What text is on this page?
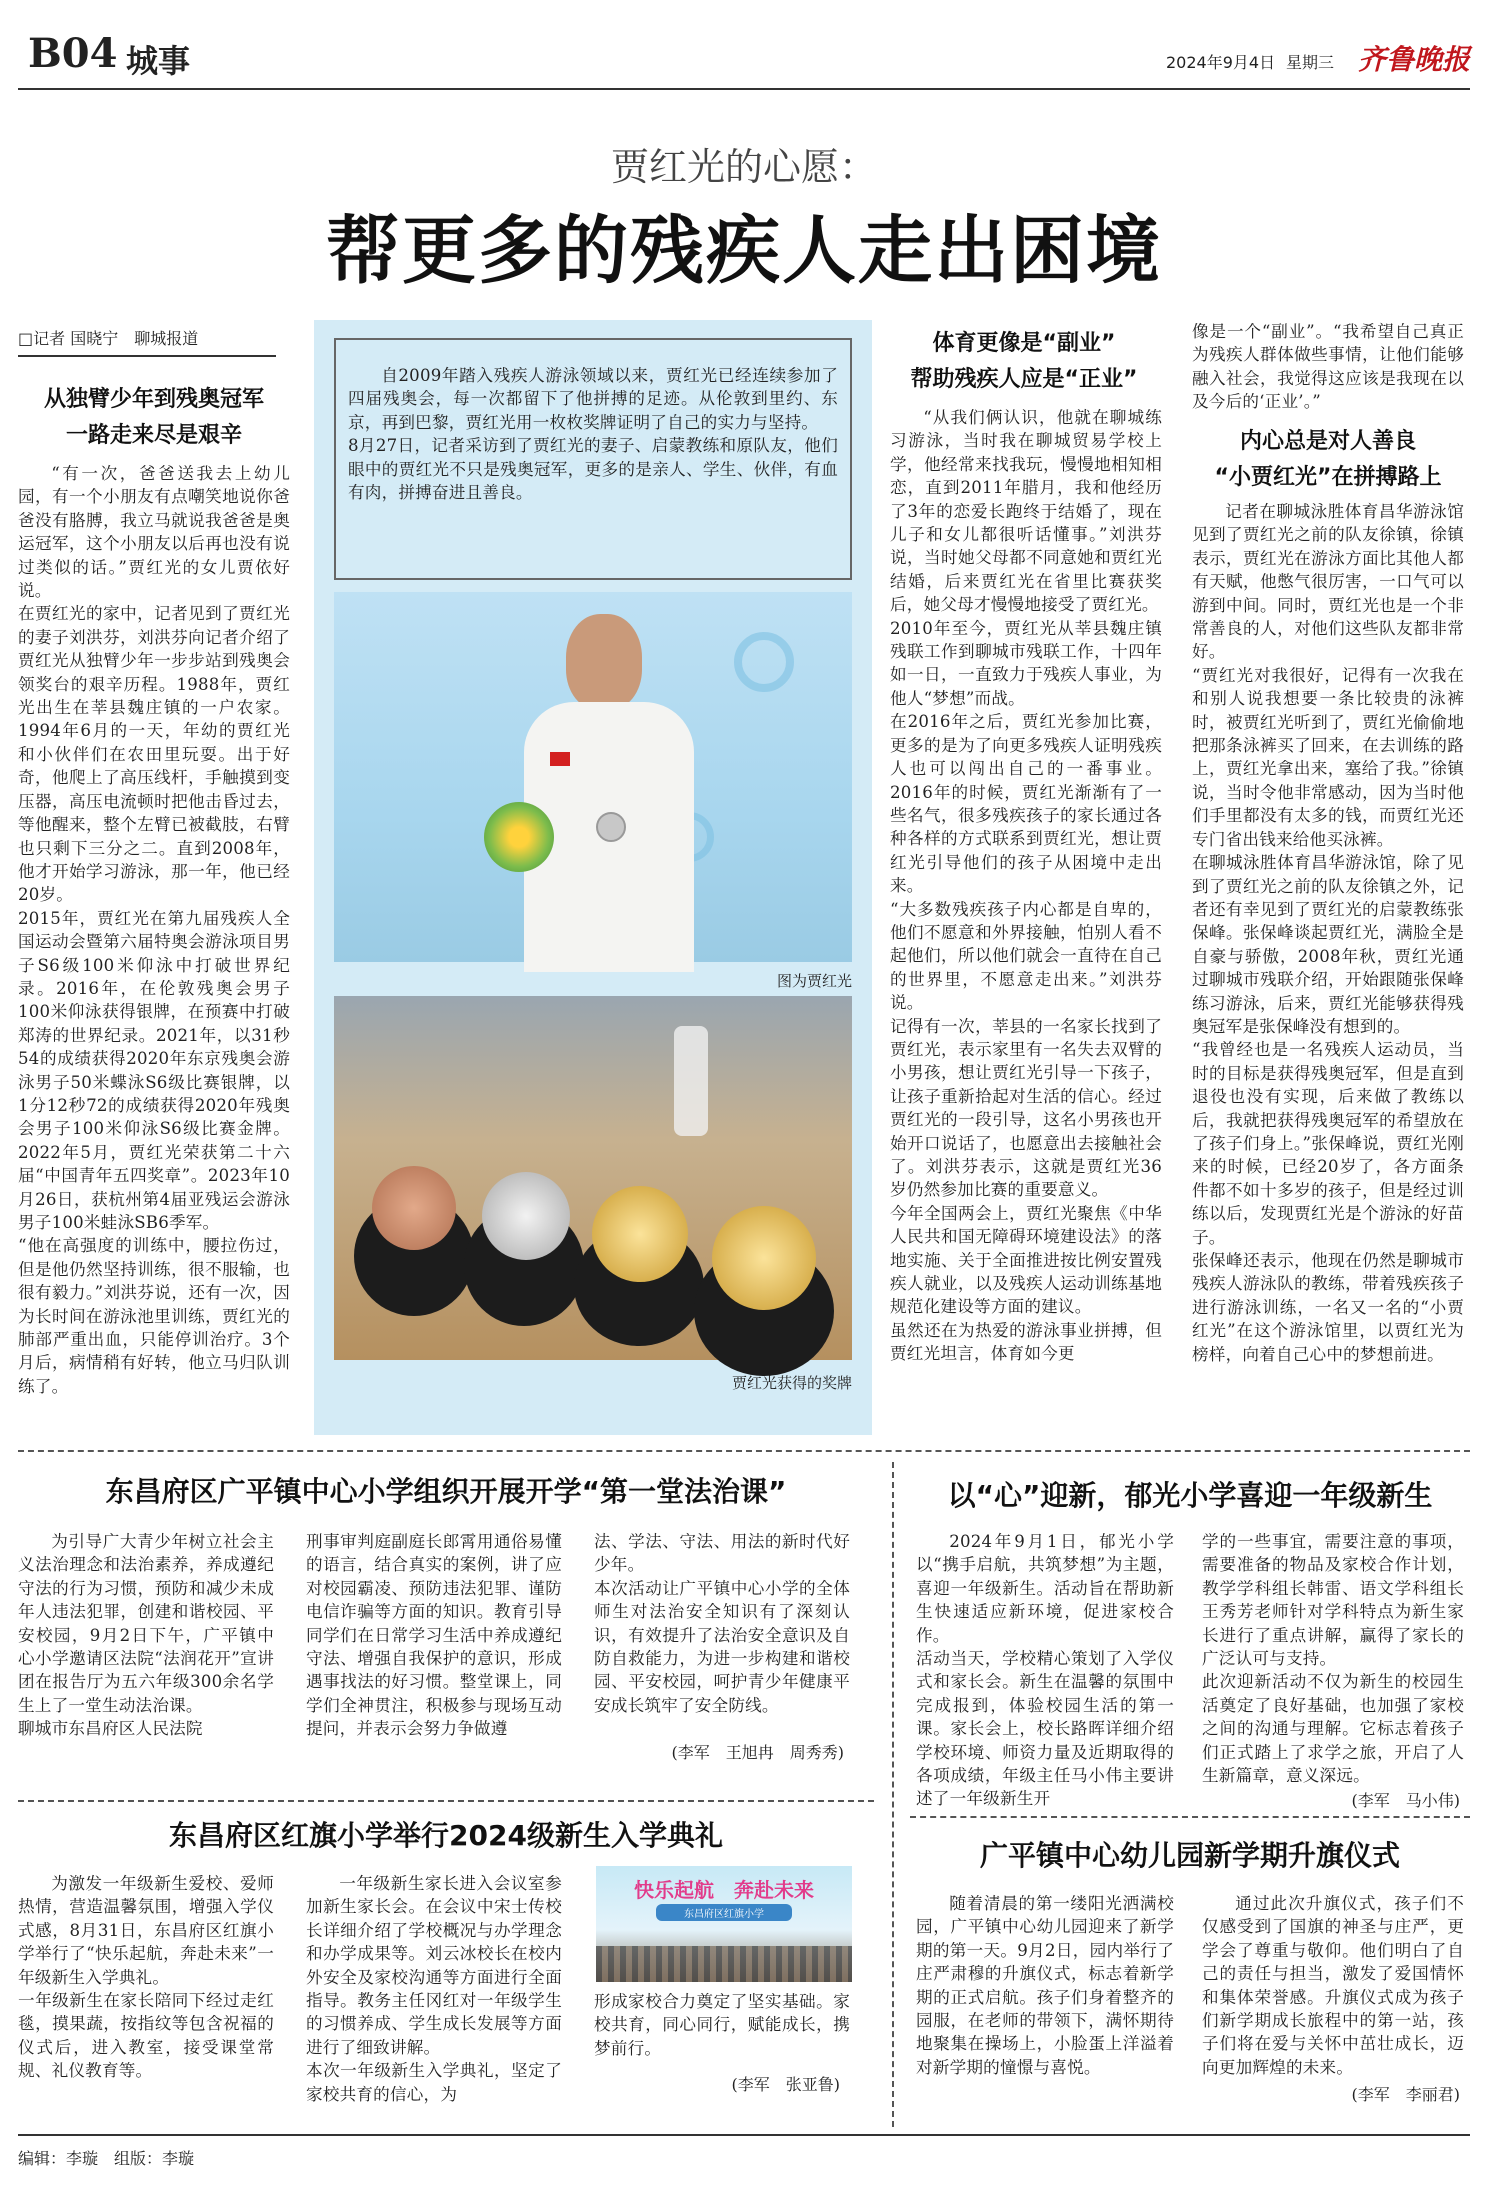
B04 城事	2024年9月4日 星期三 齐鲁晚报
贾红光的心愿：
帮更多的残疾人走出困境
□记者 国晓宁　聊城报道
从独臂少年到残奥冠军
一路走来尽是艰辛
“有一次，爸爸送我去上幼儿园，有一个小朋友有点嘲笑地说你爸爸没有胳膊，我立马就说我爸爸是奥运冠军，这个小朋友以后再也没有说过类似的话。”贾红光的女儿贾依好说。
在贾红光的家中，记者见到了贾红光的妻子刘洪芬，刘洪芬向记者介绍了贾红光从独臂少年一步步站到残奥会领奖台的艰辛历程。1988年，贾红光出生在莘县魏庄镇的一户农家。1994年6月的一天，年幼的贾红光和小伙伴们在农田里玩耍。出于好奇，他爬上了高压线杆，手触摸到变压器，高压电流顿时把他击昏过去，等他醒来，整个左臂已被截肢，右臂也只剩下三分之二。直到2008年，他才开始学习游泳，那一年，他已经20岁。
2015年，贾红光在第九届残疾人全国运动会暨第六届特奥会游泳项目男子S6级100米仰泳中打破世界纪录。2016年，在伦敦残奥会男子100米仰泳获得银牌，在预赛中打破郑涛的世界纪录。2021年，以31秒54的成绩获得2020年东京残奥会游泳男子50米蝶泳S6级比赛银牌，以1分12秒72的成绩获得2020年残奥会男子100米仰泳S6级比赛金牌。2022年5月，贾红光荣获第二十六届“中国青年五四奖章”。2023年10月26日，获杭州第4届亚残运会游泳男子100米蛙泳SB6季军。
“他在高强度的训练中，腰拉伤过，但是他仍然坚持训练，很不服输，也很有毅力。”刘洪芬说，还有一次，因为长时间在游泳池里训练，贾红光的肺部严重出血，只能停训治疗。3个月后，病情稍有好转，他立马归队训练了。
自2009年踏入残疾人游泳领域以来，贾红光已经连续参加了四届残奥会，每一次都留下了他拼搏的足迹。从伦敦到里约、东京，再到巴黎，贾红光用一枚枚奖牌证明了自己的实力与坚持。
8月27日，记者采访到了贾红光的妻子、启蒙教练和原队友，他们眼中的贾红光不只是残奥冠军，更多的是亲人、学生、伙伴，有血有肉，拼搏奋进且善良。
图为贾红光
贾红光获得的奖牌
体育更像是“副业”
帮助残疾人应是“正业”
“从我们俩认识，他就在聊城练习游泳，当时我在聊城贸易学校上学，他经常来找我玩，慢慢地相知相恋，直到2011年腊月，我和他经历了3年的恋爱长跑终于结婚了，现在儿子和女儿都很听话懂事。”刘洪芬说，当时她父母都不同意她和贾红光结婚，后来贾红光在省里比赛获奖后，她父母才慢慢地接受了贾红光。
2010年至今，贾红光从莘县魏庄镇残联工作到聊城市残联工作，十四年如一日，一直致力于残疾人事业，为他人“梦想”而战。
在2016年之后，贾红光参加比赛，更多的是为了向更多残疾人证明残疾人也可以闯出自己的一番事业。2016年的时候，贾红光渐渐有了一些名气，很多残疾孩子的家长通过各种各样的方式联系到贾红光，想让贾红光引导他们的孩子从困境中走出来。
“大多数残疾孩子内心都是自卑的，他们不愿意和外界接触，怕别人看不起他们，所以他们就会一直待在自己的世界里，不愿意走出来。”刘洪芬说。
记得有一次，莘县的一名家长找到了贾红光，表示家里有一名失去双臂的小男孩，想让贾红光引导一下孩子，让孩子重新拾起对生活的信心。经过贾红光的一段引导，这名小男孩也开始开口说话了，也愿意出去接触社会了。刘洪芬表示，这就是贾红光36岁仍然参加比赛的重要意义。
今年全国两会上，贾红光聚焦《中华人民共和国无障碍环境建设法》的落地实施、关于全面推进按比例安置残疾人就业，以及残疾人运动训练基地规范化建设等方面的建议。
虽然还在为热爱的游泳事业拼搏，但贾红光坦言，体育如今更
像是一个“副业”。“我希望自己真正为残疾人群体做些事情，让他们能够融入社会，我觉得这应该是我现在以及今后的‘正业’。”
内心总是对人善良
“小贾红光”在拼搏路上
记者在聊城泳胜体育昌华游泳馆见到了贾红光之前的队友徐镇，徐镇表示，贾红光在游泳方面比其他人都有天赋，他憋气很厉害，一口气可以游到中间。同时，贾红光也是一个非常善良的人，对他们这些队友都非常好。
“贾红光对我很好，记得有一次我在和别人说我想要一条比较贵的泳裤时，被贾红光听到了，贾红光偷偷地把那条泳裤买了回来，在去训练的路上，贾红光拿出来，塞给了我。”徐镇说，当时令他非常感动，因为当时他们手里都没有太多的钱，而贾红光还专门省出钱来给他买泳裤。
在聊城泳胜体育昌华游泳馆，除了见到了贾红光之前的队友徐镇之外，记者还有幸见到了贾红光的启蒙教练张保峰。张保峰谈起贾红光，满脸全是自豪与骄傲，2008年秋，贾红光通过聊城市残联介绍，开始跟随张保峰练习游泳，后来，贾红光能够获得残奥冠军是张保峰没有想到的。
“我曾经也是一名残疾人运动员，当时的目标是获得残奥冠军，但是直到退役也没有实现，后来做了教练以后，我就把获得残奥冠军的希望放在了孩子们身上。”张保峰说，贾红光刚来的时候，已经20岁了，各方面条件都不如十多岁的孩子，但是经过训练以后，发现贾红光是个游泳的好苗子。
张保峰还表示，他现在仍然是聊城市残疾人游泳队的教练，带着残疾孩子进行游泳训练，一名又一名的“小贾红光”在这个游泳馆里，以贾红光为榜样，向着自己心中的梦想前进。
东昌府区广平镇中心小学组织开展开学“第一堂法治课”
为引导广大青少年树立社会主义法治理念和法治素养，养成遵纪守法的行为习惯，预防和减少未成年人违法犯罪，创建和谐校园、平安校园，9月2日下午，广平镇中心小学邀请区法院“法润花开”宣讲团在报告厅为五六年级300余名学生上了一堂生动法治课。
聊城市东昌府区人民法院
刑事审判庭副庭长郎霄用通俗易懂的语言，结合真实的案例，讲了应对校园霸凌、预防违法犯罪、谨防电信诈骗等方面的知识。教育引导同学们在日常学习生活中养成遵纪守法、增强自我保护的意识，形成遇事找法的好习惯。整堂课上，同学们全神贯注，积极参与现场互动提问，并表示会努力争做遵
法、学法、守法、用法的新时代好少年。
本次活动让广平镇中心小学的全体师生对法治安全知识有了深刻认识，有效提升了法治安全意识及自防自救能力，为进一步构建和谐校园、平安校园，呵护青少年健康平安成长筑牢了安全防线。
(李军　王旭冉　周秀秀)
以“心”迎新，郁光小学喜迎一年级新生
2024年9月1日，郁光小学以“携手启航，共筑梦想”为主题，喜迎一年级新生。活动旨在帮助新生快速适应新环境，促进家校合作。
活动当天，学校精心策划了入学仪式和家长会。新生在温馨的氛围中完成报到，体验校园生活的第一课。家长会上，校长路晖详细介绍学校环境、师资力量及近期取得的各项成绩，年级主任马小伟主要讲述了一年级新生开
学的一些事宜，需要注意的事项，需要准备的物品及家校合作计划，教学学科组长韩雷、语文学科组长王秀芳老师针对学科特点为新生家长进行了重点讲解，赢得了家长的广泛认可与支持。
此次迎新活动不仅为新生的校园生活奠定了良好基础，也加强了家校之间的沟通与理解。它标志着孩子们正式踏上了求学之旅，开启了人生新篇章，意义深远。
(李军　马小伟)
东昌府区红旗小学举行2024级新生入学典礼
为激发一年级新生爱校、爱师热情，营造温馨氛围，增强入学仪式感，8月31日，东昌府区红旗小学举行了“快乐起航，奔赴未来”一年级新生入学典礼。
一年级新生在家长陪同下经过走红毯，摸果蔬，按指纹等包含祝福的仪式后，进入教室，接受课堂常规、礼仪教育等。
一年级新生家长进入会议室参加新生家长会。在会议中宋士传校长详细介绍了学校概况与办学理念和办学成果等。刘云冰校长在校内外安全及家校沟通等方面进行全面指导。教务主任冈红对一年级学生的习惯养成、学生成长发展等方面进行了细致讲解。
本次一年级新生入学典礼，坚定了家校共育的信心，为
快乐起航　奔赴未来
东昌府区红旗小学
形成家校合力奠定了坚实基础。家校共育，同心同行，赋能成长，携梦前行。
(李军　张亚鲁)
广平镇中心幼儿园新学期升旗仪式
随着清晨的第一缕阳光洒满校园，广平镇中心幼儿园迎来了新学期的第一天。9月2日，园内举行了庄严肃穆的升旗仪式，标志着新学期的正式启航。孩子们身着整齐的园服，在老师的带领下，满怀期待地聚集在操场上，小脸蛋上洋溢着对新学期的憧憬与喜悦。
通过此次升旗仪式，孩子们不仅感受到了国旗的神圣与庄严，更学会了尊重与敬仰。他们明白了自己的责任与担当，激发了爱国情怀和集体荣誉感。升旗仪式成为孩子们新学期成长旅程中的第一站，孩子们将在爱与关怀中茁壮成长，迈向更加辉煌的未来。
(李军　李丽君)
编辑：李璇　组版：李璇
